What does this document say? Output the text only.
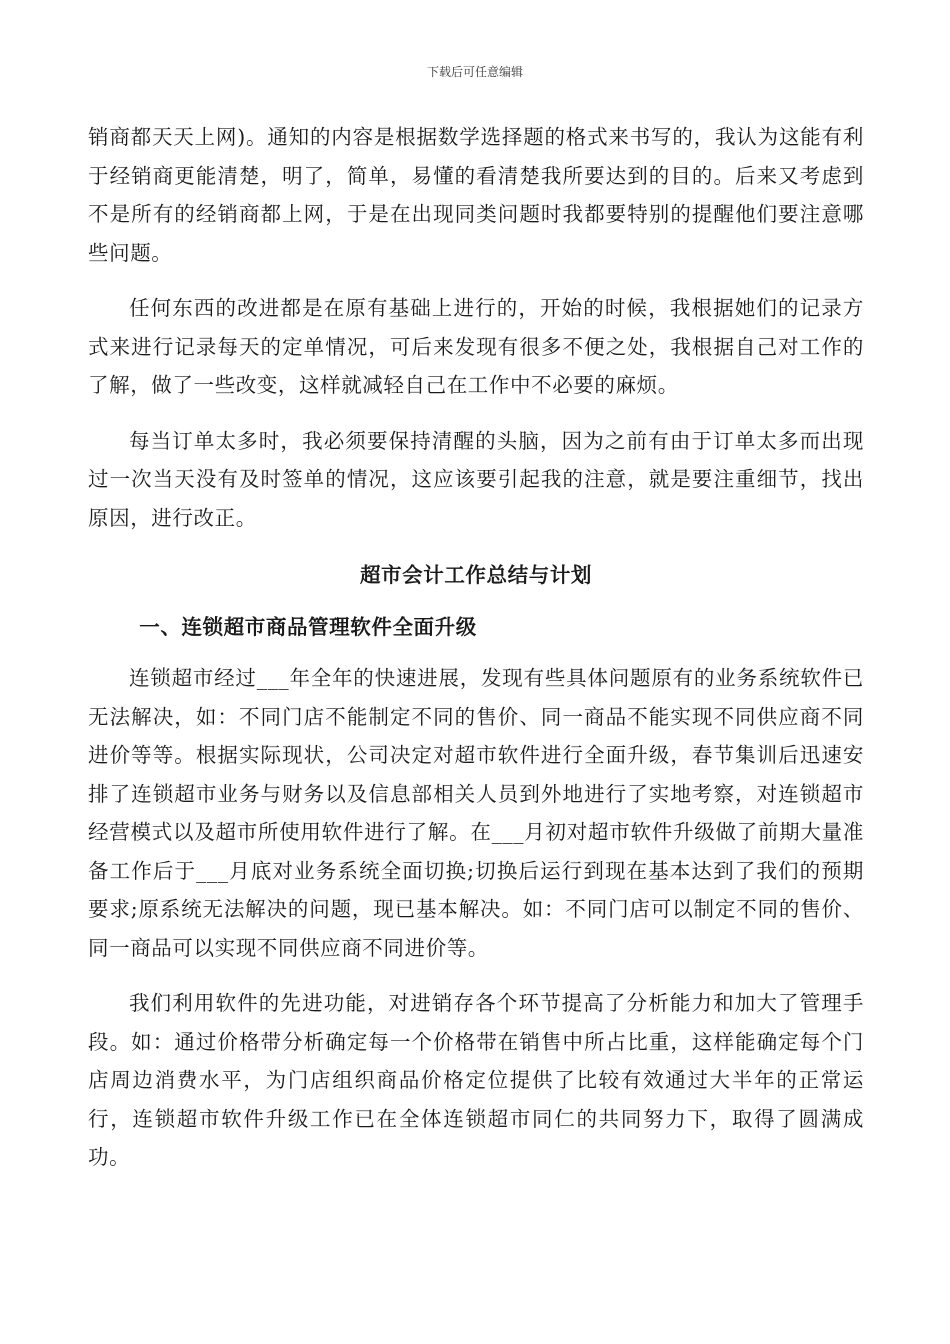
下载后可任意编辑

销商都天天上网)。通知的内容是根据数学选择题的格式来书写的，我认为这能有利于经销商更能清楚，明了，简单，易懂的看清楚我所要达到的目的。后来又考虑到不是所有的经销商都上网，于是在出现同类问题时我都要特别的提醒他们要注意哪些问题。

任何东西的改进都是在原有基础上进行的，开始的时候，我根据她们的记录方式来进行记录每天的定单情况，可后来发现有很多不便之处，我根据自己对工作的了解，做了一些改变，这样就减轻自己在工作中不必要的麻烦。

每当订单太多时，我必须要保持清醒的头脑，因为之前有由于订单太多而出现过一次当天没有及时签单的情况，这应该要引起我的注意，就是要注重细节，找出原因，进行改正。

超市会计工作总结与计划
一、连锁超市商品管理软件全面升级

连锁超市经过___年全年的快速进展，发现有些具体问题原有的业务系统软件已无法解决，如：不同门店不能制定不同的售价、同一商品不能实现不同供应商不同进价等等。根据实际现状，公司决定对超市软件进行全面升级，春节集训后迅速安排了连锁超市业务与财务以及信息部相关人员到外地进行了实地考察，对连锁超市经营模式以及超市所使用软件进行了解。在___月初对超市软件升级做了前期大量准备工作后于___月底对业务系统全面切换;切换后运行到现在基本达到了我们的预期要求;原系统无法解决的问题，现已基本解决。如：不同门店可以制定不同的售价、同一商品可以实现不同供应商不同进价等。

我们利用软件的先进功能，对进销存各个环节提高了分析能力和加大了管理手段。如：通过价格带分析确定每一个价格带在销售中所占比重，这样能确定每个门店周边消费水平，为门店组织商品价格定位提供了比较有效通过大半年的正常运行，连锁超市软件升级工作已在全体连锁超市同仁的共同努力下，取得了圆满成功。
